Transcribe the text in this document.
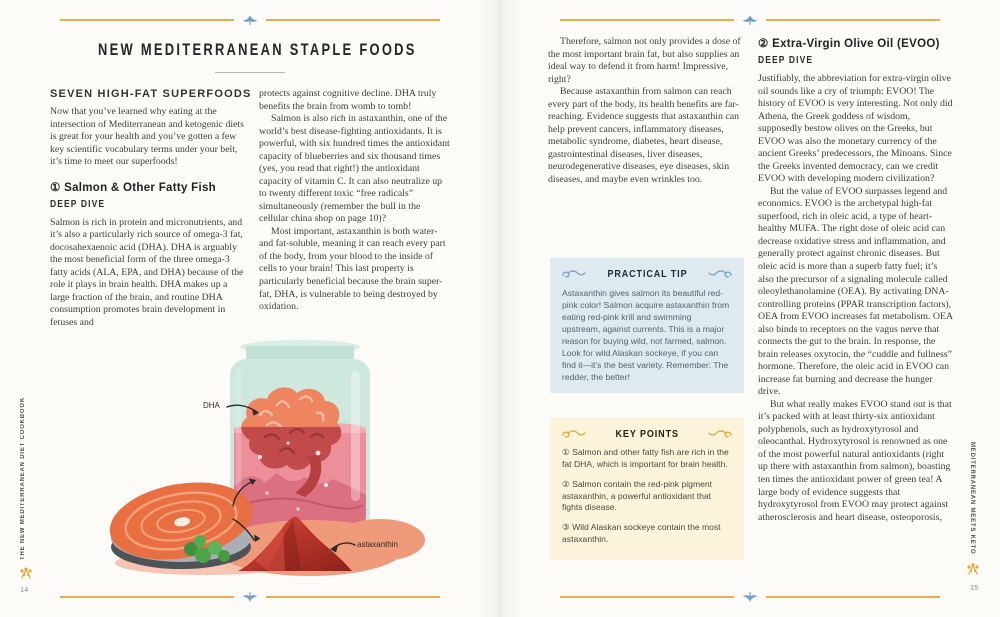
NEW MEDITERRANEAN STAPLE FOODS
SEVEN HIGH-FAT SUPERFOODS

Now that you’ve learned why eating at the intersection of Mediterranean and ketogenic diets is great for your health and you’ve gotten a few key scientific vocabulary terms under your belt, it’s time to meet our superfoods!

① Salmon & Other Fatty Fish
DEEP DIVE

Salmon is rich in protein and micronutrients, and it’s also a particularly rich source of omega-3 fat, docosahexaenoic acid (DHA). DHA is arguably the most beneficial form of the three omega-3 fatty acids (ALA, EPA, and DHA) because of the role it plays in brain health. DHA makes up a large fraction of the brain, and routine DHA consumption promotes brain development in fetuses and

protects against cognitive decline. DHA truly benefits the brain from womb to tomb!

Salmon is also rich in astaxanthin, one of the world’s best disease-fighting antioxidants. It is powerful, with six hundred times the antioxidant capacity of blueberries and six thousand times (yes, you read that right!) the antioxidant capacity of vitamin C. It can also neutralize up to twenty different toxic “free radicals” simultaneously (remember the bull in the cellular china shop on page 10)?

Most important, astaxanthin is both water- and fat-soluble, meaning it can reach every part of the body, from your blood to the inside of cells to your brain! This last property is particularly beneficial because the brain super-fat, DHA, is vulnerable to being destroyed by oxidation.

DHA
astaxanthin
THE NEW MEDITERRANEAN DIET COOKBOOK
14

Therefore, salmon not only provides a dose of the most important brain fat, but also supplies an ideal way to defend it from harm! Impressive, right?

Because astaxanthin from salmon can reach every part of the body, its health benefits are far-reaching. Evidence suggests that astaxanthin can help prevent cancers, inflammatory diseases, metabolic syndrome, diabetes, heart disease, gastrointestinal diseases, liver diseases, neurodegenerative diseases, eye diseases, skin diseases, and maybe even wrinkles too.

PRACTICAL TIP

Astaxanthin gives salmon its beautiful red-pink color! Salmon acquire astaxanthin from eating red-pink krill and swimming upstream, against currents. This is a major reason for buying wild, not farmed, salmon. Look for wild Alaskan sockeye, if you can find it—it’s the best variety. Remember: The redder, the better!

KEY POINTS

① Salmon and other fatty fish are rich in the fat DHA, which is important for brain health.

② Salmon contain the red-pink pigment astaxanthin, a powerful antioxidant that fights disease.

③ Wild Alaskan sockeye contain the most astaxanthin.

② Extra-Virgin Olive Oil (EVOO)
DEEP DIVE

Justifiably, the abbreviation for extra-virgin olive oil sounds like a cry of triumph: EVOO! The history of EVOO is very interesting. Not only did Athena, the Greek goddess of wisdom, supposedly bestow olives on the Greeks, but EVOO was also the monetary currency of the ancient Greeks’ predecessors, the Minoans. Since the Greeks invented democracy, can we credit EVOO with developing modern civilization?

But the value of EVOO surpasses legend and economics. EVOO is the archetypal high-fat superfood, rich in oleic acid, a type of heart-healthy MUFA. The right dose of oleic acid can decrease oxidative stress and inflammation, and generally protect against chronic diseases. But oleic acid is more than a superb fatty fuel; it’s also the precursor of a signaling molecule called oleoylethanolamine (OEA). By activating DNA-controlling proteins (PPAR transcription factors), OEA from EVOO increases fat metabolism. OEA also binds to receptors on the vagus nerve that connects the gut to the brain. In response, the brain releases oxytocin, the “cuddle and fullness” hormone. Therefore, the oleic acid in EVOO can increase fat burning and decrease the hunger drive.

But what really makes EVOO stand out is that it’s packed with at least thirty-six antioxidant polyphenols, such as hydroxytyrosol and oleocanthal. Hydroxytyrosol is renowned as one of the most powerful natural antioxidants (right up there with astaxanthin from salmon), boasting ten times the antioxidant power of green tea! A large body of evidence suggests that hydroxytyrosol from EVOO may protect against atherosclerosis and heart disease, osteoporosis,	MEDITERRANEAN MEETS KETO
15
